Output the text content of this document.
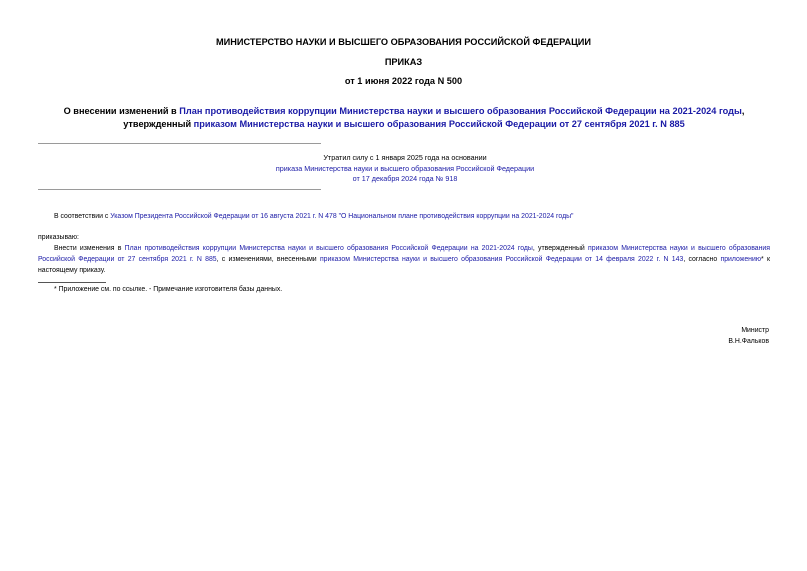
МИНИСТЕРСТВО НАУКИ И ВЫСШЕГО ОБРАЗОВАНИЯ РОССИЙСКОЙ ФЕДЕРАЦИИ
ПРИКАЗ
от 1 июня 2022 года N 500
О внесении изменений в План противодействия коррупции Министерства науки и высшего образования Российской Федерации на 2021-2024 годы, утвержденный приказом Министерства науки и высшего образования Российской Федерации от 27 сентября 2021 г. N 885
Утратил силу с 1 января 2025 года на основании
приказа Министерства науки и высшего образования Российской Федерации
от 17 декабря 2024 года № 918
В соответствии с Указом Президента Российской Федерации от 16 августа 2021 г. N 478 "О Национальном плане противодействия коррупции на 2021-2024 годы"
приказываю:
Внести изменения в План противодействия коррупции Министерства науки и высшего образования Российской Федерации на 2021-2024 годы, утвержденный приказом Министерства науки и высшего образования Российской Федерации от 27 сентября 2021 г. N 885, с изменениями, внесенными приказом Министерства науки и высшего образования Российской Федерации от 14 февраля 2022 г. N 143, согласно приложению* к настоящему приказу.
* Приложение см. по ссылке. - Примечание изготовителя базы данных.
Министр
В.Н.Фальков
